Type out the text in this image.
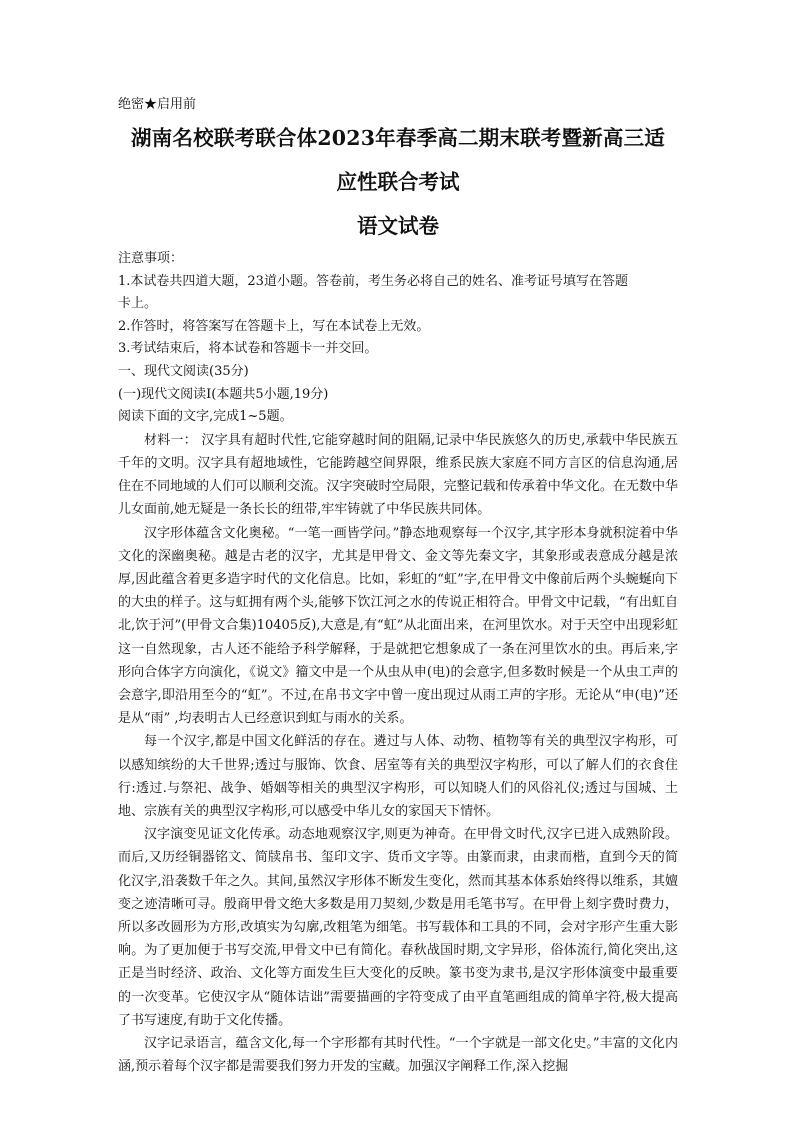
绝密★启用前

湖南名校联考联合体2023年春季高二期末联考暨新高三适

应性联合考试

语文试卷

注意事项：

1.本试卷共四道大题，23道小题。答卷前，考生务必将自己的姓名、准考证号填写在答题

卡上。

2.作答时，将答案写在答题卡上，写在本试卷上无效。

3.考试结束后，将本试卷和答题卡一并交回。

一、现代文阅读(35分)

(一)现代文阅读Ⅰ(本题共5小题,19分)

阅读下面的文字,完成1~5题。

材料一： 汉字具有超时代性,它能穿越时间的阻隔,记录中华民族悠久的历史,承载中华民族五千年的文明。汉字具有超地域性，它能跨越空间界限，维系民族大家庭不同方言区的信息沟通,居住在不同地域的人们可以顺利交流。汉字突破时空局限，完整记载和传承着中华文化。在无数中华儿女面前,她无疑是一条长长的纽带,牢牢铸就了中华民族共同体。

汉字形体蕴含文化奥秘。“一笔一画皆学问。”静态地观察每一个汉字,其字形本身就积淀着中华文化的深幽奥秘。越是古老的汉字，尤其是甲骨文、金文等先秦文字，其象形或表意成分越是浓厚,因此蕴含着更多造字时代的文化信息。比如，彩虹的“虹”字,在甲骨文中像前后两个头蜿蜒向下的大虫的样子。这与虹拥有两个头,能够下饮江河之水的传说正相符合。甲骨文中记载，“有出虹自北,饮于河”(甲骨文合集)10405反),大意是,有“虹”从北面出来，在河里饮水。对于天空中出现彩虹这一自然现象，古人还不能给予科学解释，于是就把它想象成了一条在河里饮水的虫。再后来,字形向合体字方向演化，《说文》籀文中是一个从虫从申(电)的会意字,但多数时候是一个从虫工声的会意字,即沿用至今的“虹”。不过,在帛书文字中曾一度出现过从雨工声的字形。无论从“申(电)”还是从“雨” ,均表明古人已经意识到虹与雨水的关系。

每一个汉字,都是中国文化鲜活的存在。遴过与人体、动物、植物等有关的典型汉字构形，可以感知缤纷的大千世界;透过与服饰、饮食、居室等有关的典型汉字构形，可以了解人们的衣食住行:透过.与祭祀、战争、婚姻等相关的典型汉字构形，可以知晓人们的风俗礼仪;透过与国城、土地、宗族有关的典型汉字构形,可以感受中华儿女的家国天下情怀。

汉字演变见证文化传承。动态地观察汉字,则更为神奇。在甲骨文时代,汉字已进入成熟阶段。而后,又历经铜器铭文、简牍帛书、玺印文字、货币文字等。由篆而隶，由隶而楷，直到今天的简化汉字,沿袭数千年之久。其间,虽然汉字形体不断发生变化，然而其基本体系始终得以维系，其嬗变之迹清晰可寻。殷商甲骨文绝大多数是用刀契刻,少数是用毛笔书写。在甲骨上刻字费时费力，所以多改圆形为方形,改填实为勾廓,改粗笔为细笔。书写载体和工具的不同，会对字形产生重大影响。为了更加便于书写交流,甲骨文中已有简化。春秋战国时期,文字异形，俗体流行,简化突出,这正是当时经济、政治、文化等方面发生巨大变化的反映。篆书变为隶书,是汉字形体演变中最重要的一次变革。它使汉字从“随体诘诎”需要描画的字符变成了由平直笔画组成的简单字符,极大提高了书写速度,有助于文化传播。

汉字记录语言，蕴含文化,每一个字形都有其时代性。“一个字就是一部文化史。”丰富的文化内涵,预示着每个汉字都是需要我们努力开发的宝藏。加强汉字阐释工作,深入挖掘
